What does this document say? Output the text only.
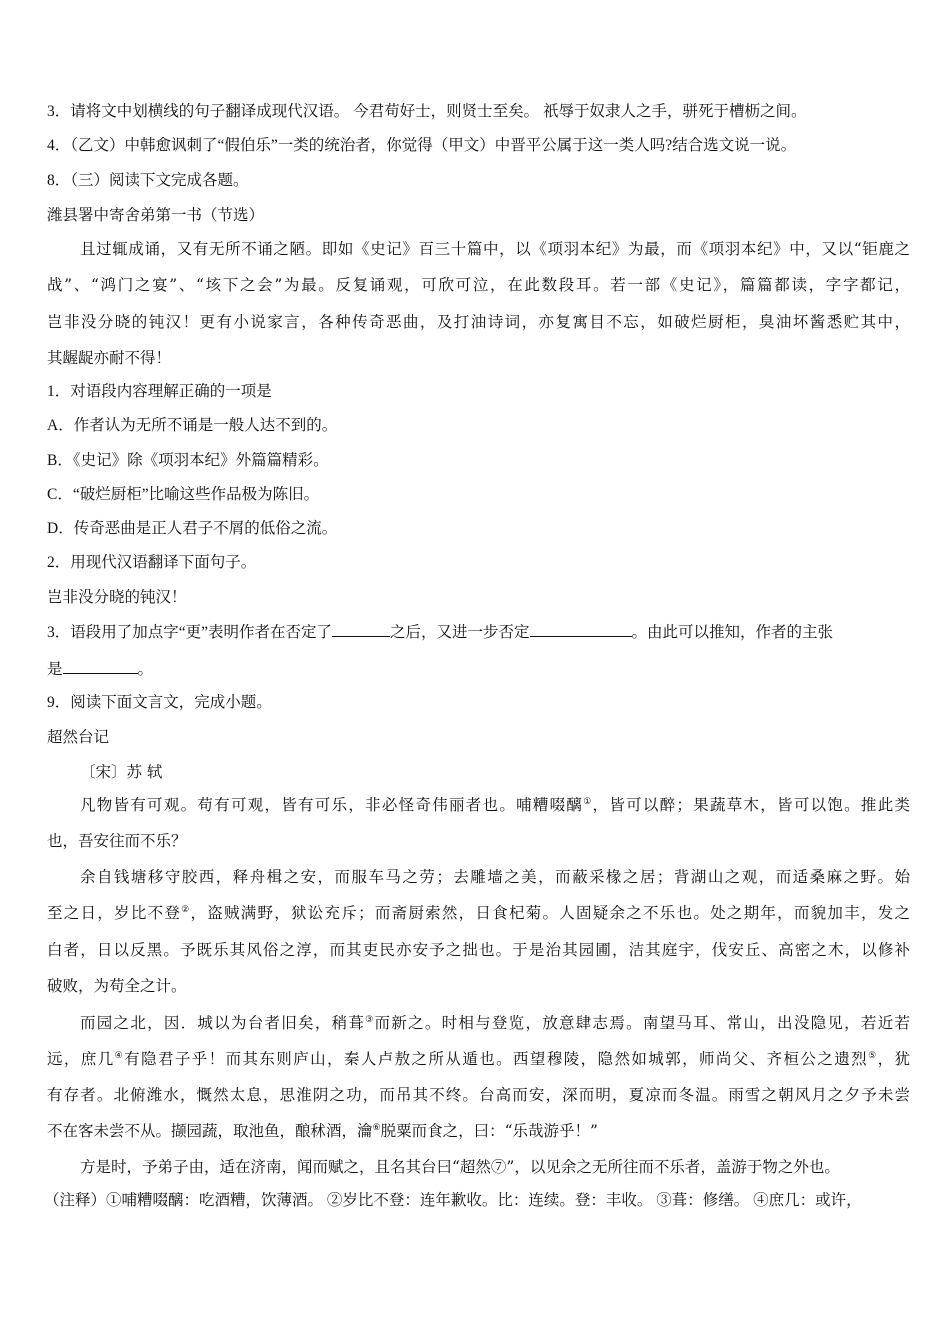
3．请将文中划横线的句子翻译成现代汉语。 今君苟好士，则贤士至矣。 祇辱于奴隶人之手，骈死于槽枥之间。
4．（乙文）中韩愈讽刺了“假伯乐”一类的统治者，你觉得（甲文）中晋平公属于这一类人吗?结合选文说一说。
8．（三）阅读下文完成各题。
潍县署中寄舍弟第一书（节选）
且过辄成诵，又有无所不诵之陋。即如《史记》百三十篇中，以《项羽本纪》为最，而《项羽本纪》中，又以“钜鹿之
战”、“鸿门之宴”、“垓下之会”为最。反复诵观，可欣可泣，在此数段耳。若一部《史记》，篇篇都读，字字都记，
岂非没分晓的钝汉！更有小说家言，各种传奇恶曲，及打油诗词，亦复寓目不忘，如破烂厨柜，臭油坏酱悉贮其中，
其龌龊亦耐不得！
1．对语段内容理解正确的一项是
A．作者认为无所不诵是一般人达不到的。
B．《史记》除《项羽本纪》外篇篇精彩。
C．“破烂厨柜”比喻这些作品极为陈旧。
D．传奇恶曲是正人君子不屑的低俗之流。
2．用现代汉语翻译下面句子。
岂非没分晓的钝汉！
3．语段用了加点字“更”表明作者在否定了	之后，又进一步否定	。由此可以推知，作者的主张
是	。
9．阅读下面文言文，完成小题。
超然台记
〔宋〕苏 轼
凡物皆有可观。苟有可观，皆有可乐，非必怪奇伟丽者也。哺糟啜醨①，皆可以醉；果蔬草木，皆可以饱。推此类
也，吾安往而不乐？
余自钱塘移守胶西，释舟楫之安，而服车马之劳；去雕墙之美，而蔽采椽之居；背湖山之观，而适桑麻之野。始
至之日，岁比不登②，盗贼满野，狱讼充斥；而斋厨索然，日食杞菊。人固疑余之不乐也。处之期年，而貌加丰，发之
白者，日以反黑。予既乐其风俗之淳，而其吏民亦安予之拙也。于是治其园圃，洁其庭宇，伐安丘、高密之木，以修补
破败，为苟全之计。
而园之北，因．城以为台者旧矣，稍葺③而新之。时相与登览，放意肆志焉。南望马耳、常山，出没隐见，若近若
远，庶几④有隐君子乎！而其东则庐山，秦人卢敖之所从遁也。西望穆陵，隐然如城郭，师尚父、齐桓公之遗烈⑤，犹
有存者。北俯潍水，慨然太息，思淮阴之功，而吊其不终。台高而安，深而明，夏凉而冬温。雨雪之朝风月之夕予未尝
不在客未尝不从。撷园蔬，取池鱼，酿秫酒，瀹⑥脱粟而食之，曰：“乐哉游乎！”
方是时，予弟子由，适在济南，闻而赋之，且名其台曰“超然⑦”，以见余之无所往而不乐者，盖游于物之外也。
（注释）①哺糟啜醨：吃酒糟，饮薄酒。 ②岁比不登：连年歉收。比：连续。登：丰收。 ③葺：修缮。 ④庶几：或许，
